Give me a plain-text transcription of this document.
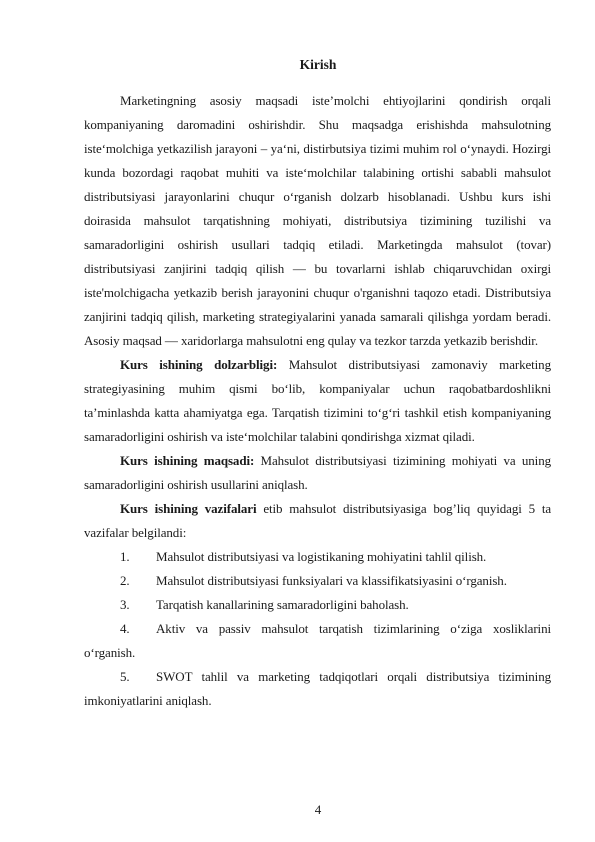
Kirish

Marketingning asosiy maqsadi iste’molchi ehtiyojlarini qondirish orqali kompaniyaning daromadini oshirishdir. Shu maqsadga erishishda mahsulotning iste‘molchiga yetkazilish jarayoni – ya‘ni, distirbutsiya tizimi muhim rol o‘ynaydi. Hozirgi kunda bozordagi raqobat muhiti va iste‘molchilar talabining ortishi sababli mahsulot distributsiyasi jarayonlarini chuqur o‘rganish dolzarb hisoblanadi. Ushbu kurs ishi doirasida mahsulot tarqatishning mohiyati, distributsiya tizimining tuzilishi va samaradorligini oshirish usullari tadqiq etiladi. Marketingda mahsulot (tovar) distributsiyasi zanjirini tadqiq qilish — bu tovarlarni ishlab chiqaruvchidan oxirgi iste'molchigacha yetkazib berish jarayonini chuqur o'rganishni taqozo etadi. Distributsiya zanjirini tadqiq qilish, marketing strategiyalarini yanada samarali qilishga yordam beradi. Asosiy maqsad — xaridorlarga mahsulotni eng qulay va tezkor tarzda yetkazib berishdir.

Kurs ishining dolzarbligi: Mahsulot distributsiyasi zamonaviy marketing strategiyasining muhim qismi bo‘lib, kompaniyalar uchun raqobatbardoshlikni ta’minlashda katta ahamiyatga ega. Tarqatish tizimini to‘g‘ri tashkil etish kompaniyaning samaradorligini oshirish va iste‘molchilar talabini qondirishga xizmat qiladi.

Kurs ishining maqsadi: Mahsulot distributsiyasi tizimining mohiyati va uning samaradorligini oshirish usullarini aniqlash.

Kurs ishining vazifalari etib mahsulot distributsiyasiga bog’liq quyidagi 5 ta vazifalar belgilandi:

1.	Mahsulot distributsiyasi va logistikaning mohiyatini tahlil qilish.
2.	Mahsulot distributsiyasi funksiyalari va klassifikatsiyasini o‘rganish.
3.	Tarqatish kanallarining samaradorligini baholash.
4. Aktiv va passiv mahsulot tarqatish tizimlarining o‘ziga xosliklarini o‘rganish.
5. SWOT tahlil va marketing tadqiqotlari orqali distributsiya tizimining imkoniyatlarini aniqlash.
4
